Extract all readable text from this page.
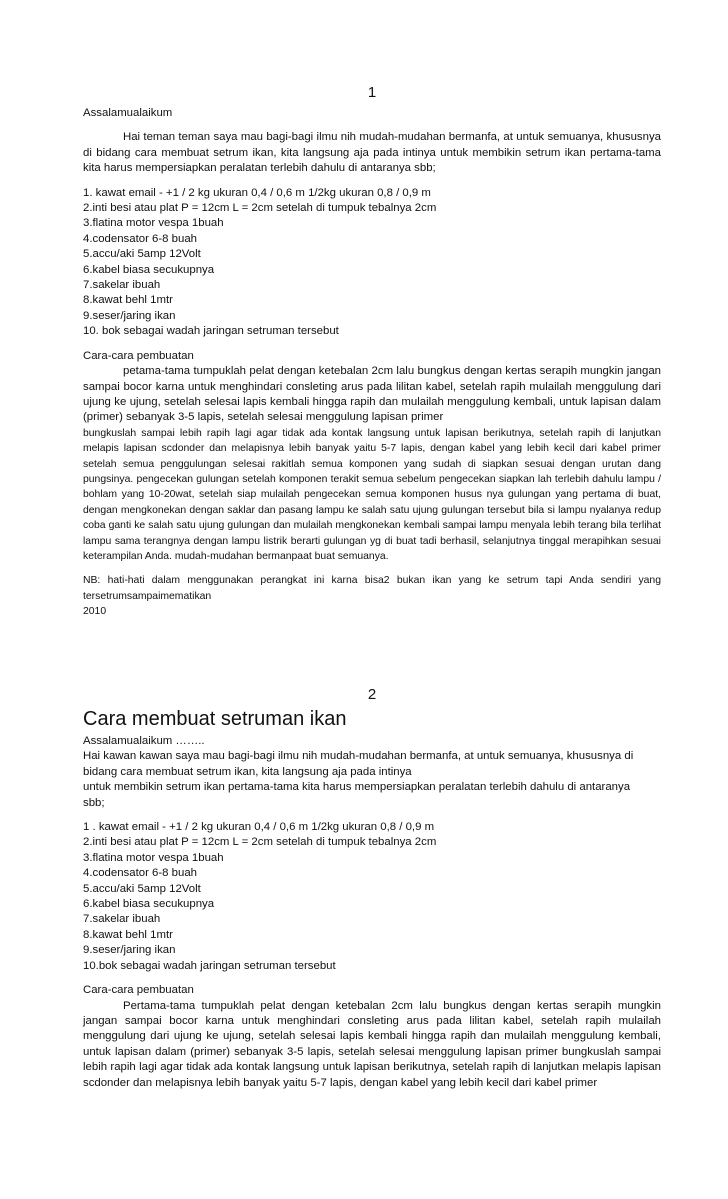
1

Assalamualaikum

Hai teman teman saya mau bagi-bagi ilmu nih mudah-mudahan bermanfa, at untuk semuanya, khususnya di bidang cara membuat setrum ikan, kita langsung aja pada intinya untuk membikin setrum ikan pertama-tama kita harus mempersiapkan peralatan terlebih dahulu di antaranya sbb;

1. kawat email - +1 / 2 kg ukuran 0,4 / 0,6 m 1/2kg ukuran 0,8 / 0,9 m
2.inti besi atau plat P = 12cm L = 2cm setelah di tumpuk tebalnya 2cm
3.flatina motor vespa 1buah
4.codensator 6-8 buah
5.accu/aki 5amp 12Volt
6.kabel biasa secukupnya
7.sakelar ibuah
8.kawat behl 1mtr
9.seser/jaring ikan
10. bok sebagai wadah jaringan setruman tersebut

Cara-cara pembuatan

petama-tama tumpuklah pelat dengan ketebalan 2cm lalu bungkus dengan kertas serapih mungkin jangan sampai bocor karna untuk menghindari consleting arus pada lilitan kabel, setelah rapih mulailah menggulung dari ujung ke ujung, setelah selesai lapis kembali hingga rapih dan mulailah menggulung kembali, untuk lapisan dalam (primer) sebanyak 3-5 lapis, setelah selesai menggulung lapisan primer

bungkuslah sampai lebih rapih lagi agar tidak ada kontak langsung untuk lapisan berikutnya, setelah rapih di lanjutkan melapis lapisan scdonder dan melapisnya lebih banyak yaitu 5-7 lapis, dengan kabel yang lebih kecil dari kabel primer setelah semua penggulungan selesai rakitlah semua komponen yang sudah di siapkan sesuai dengan urutan dang pungsinya. pengecekan gulungan setelah komponen terakit semua sebelum pengecekan siapkan lah terlebih dahulu lampu / bohlam yang 10-20wat, setelah siap mulailah pengecekan semua komponen husus nya gulungan yang pertama di buat, dengan mengkonekan dengan saklar dan pasang lampu ke salah satu ujung gulungan tersebut bila si lampu nyalanya redup coba ganti ke salah satu ujung gulungan dan mulailah mengkonekan kembali sampai lampu menyala lebih terang bila terlihat lampu sama terangnya dengan lampu listrik berarti gulungan yg di buat tadi berhasil, selanjutnya tinggal merapihkan sesuai keterampilan Anda. mudah-mudahan bermanpaat buat semuanya.

NB: hati-hati dalam menggunakan perangkat ini karna bisa2 bukan ikan yang ke setrum tapi Anda sendiri yang tersetrumsampaimematikan

2010

2

Cara membuat setruman ikan

Assalamualaikum ……..

Hai kawan kawan saya mau bagi-bagi ilmu nih mudah-mudahan bermanfa, at untuk semuanya, khususnya di

bidang cara membuat setrum ikan, kita langsung aja pada intinya

untuk membikin setrum ikan pertama-tama kita harus mempersiapkan peralatan terlebih dahulu di antaranya

sbb;

1 . kawat email - +1 / 2 kg ukuran 0,4 / 0,6 m 1/2kg ukuran 0,8 / 0,9 m
2.inti besi atau plat P = 12cm L = 2cm setelah di tumpuk tebalnya 2cm
3.flatina motor vespa 1buah
4.codensator 6-8 buah
5.accu/aki 5amp 12Volt
6.kabel biasa secukupnya
7.sakelar ibuah
8.kawat behl 1mtr
9.seser/jaring ikan
10.bok sebagai wadah jaringan setruman tersebut

Cara-cara pembuatan

Pertama-tama tumpuklah pelat dengan ketebalan 2cm lalu bungkus dengan kertas serapih mungkin jangan sampai bocor karna untuk menghindari consleting arus pada lilitan kabel, setelah rapih mulailah menggulung dari ujung ke ujung, setelah selesai lapis kembali hingga rapih dan mulailah menggulung kembali, untuk lapisan dalam (primer) sebanyak 3-5 lapis, setelah selesai menggulung lapisan primer bungkuslah sampai lebih rapih lagi agar tidak ada kontak langsung untuk lapisan berikutnya, setelah rapih di lanjutkan melapis lapisan scdonder dan melapisnya lebih banyak yaitu 5-7 lapis, dengan kabel yang lebih kecil dari kabel primer
